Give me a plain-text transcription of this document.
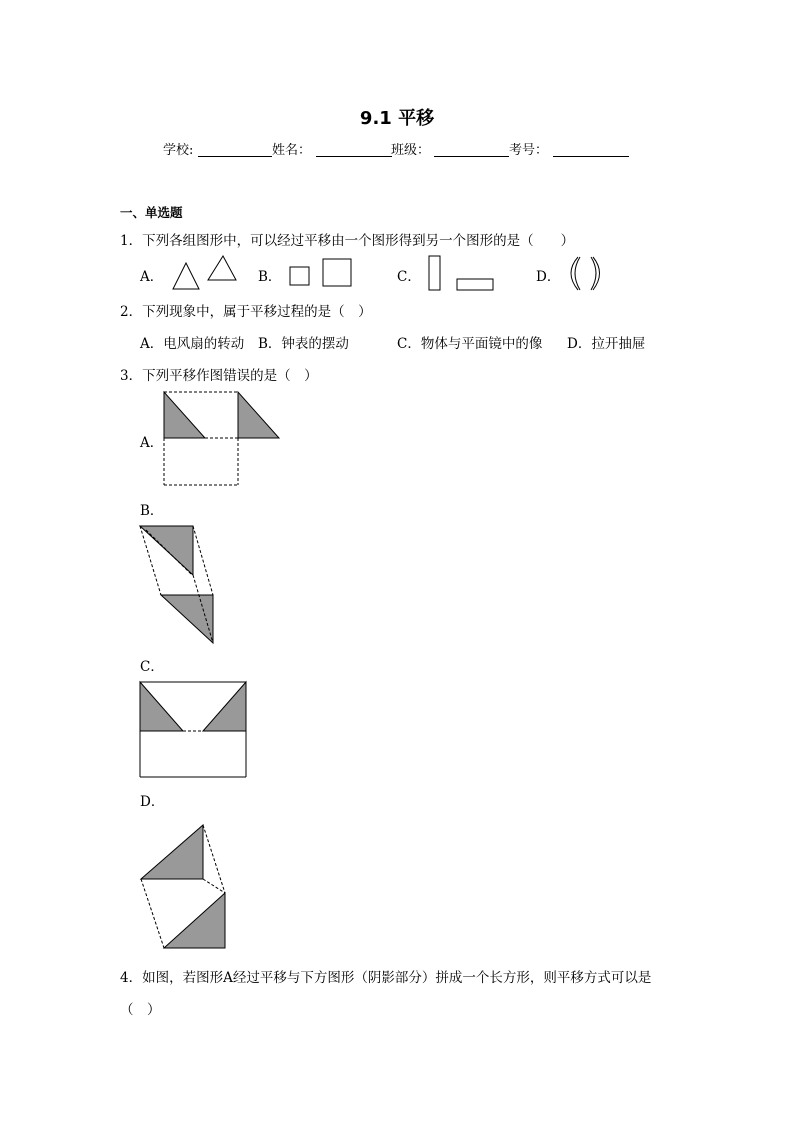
9.1 平移
学校:	姓名：	班级：	考号：
一、单选题
1．下列各组图形中，可以经过平移由一个图形得到另一个图形的是（　　）
A．	B．	C．	D．
2．下列现象中，属于平移过程的是（　）
A．电风扇的转动 B．钟表的摆动	C．物体与平面镜中的像 D．拉开抽屉
3．下列平移作图错误的是（　）
A．
B．
C．
D．
4．如图，若图形A经过平移与下方图形（阴影部分）拼成一个长方形，则平移方式可以是
（　）
